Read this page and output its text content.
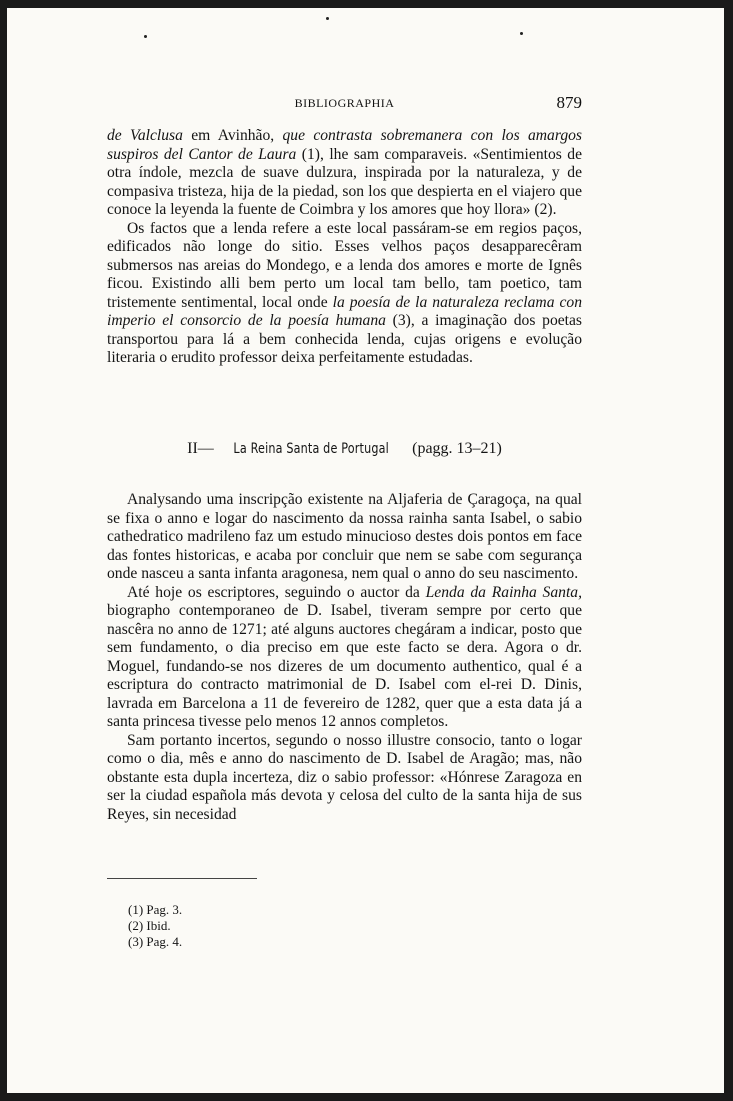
BIBLIOGRAPHIA	879

de Valclusa em Avinhão, que contrasta sobremanera con los amargos suspiros del Cantor de Laura (1), lhe sam comparaveis. «Sentimientos de otra índole, mezcla de suave dulzura, inspirada por la naturaleza, y de compasiva tristeza, hija de la piedad, son los que despierta en el viajero que conoce la leyenda la fuente de Coimbra y los amores que hoy llora» (2).

Os factos que a lenda refere a este local passáram-se em regios paços, edificados não longe do sitio. Esses velhos paços desapparecêram submersos nas areias do Mondego, e a lenda dos amores e morte de Ignês ficou. Existindo alli bem perto um local tam bello, tam poetico, tam tristemente sentimental, local onde la poesía de la naturaleza reclama con imperio el consorcio de la poesía humana (3), a imaginação dos poetas transportou para lá a bem conhecida lenda, cujas origens e evolução literaria o erudito professor deixa perfeitamente estudadas.

II— La Reina Santa de Portugal (pagg. 13–21)

Analysando uma inscripção existente na Aljaferia de Çaragoça, na qual se fixa o anno e logar do nascimento da nossa rainha santa Isabel, o sabio cathedratico madrileno faz um estudo minucioso destes dois pontos em face das fontes historicas, e acaba por concluir que nem se sabe com segurança onde nasceu a santa infanta aragonesa, nem qual o anno do seu nascimento.

Até hoje os escriptores, seguindo o auctor da Lenda da Rainha Santa, biographo contemporaneo de D. Isabel, tiveram sempre por certo que nascêra no anno de 1271; até alguns auctores chegáram a indicar, posto que sem fundamento, o dia preciso em que este facto se dera. Agora o dr. Moguel, fundando-se nos dizeres de um documento authentico, qual é a escriptura do contracto matrimonial de D. Isabel com el-rei D. Dinis, lavrada em Barcelona a 11 de fevereiro de 1282, quer que a esta data já a santa princesa tivesse pelo menos 12 annos completos.

Sam portanto incertos, segundo o nosso illustre consocio, tanto o logar como o dia, mês e anno do nascimento de D. Isabel de Aragão; mas, não obstante esta dupla incerteza, diz o sabio professor: «Hónrese Zaragoza en ser la ciudad española más devota y celosa del culto de la santa hija de sus Reyes, sin necesidad

(1) Pag. 3.
(2) Ibid.
(3) Pag. 4.
